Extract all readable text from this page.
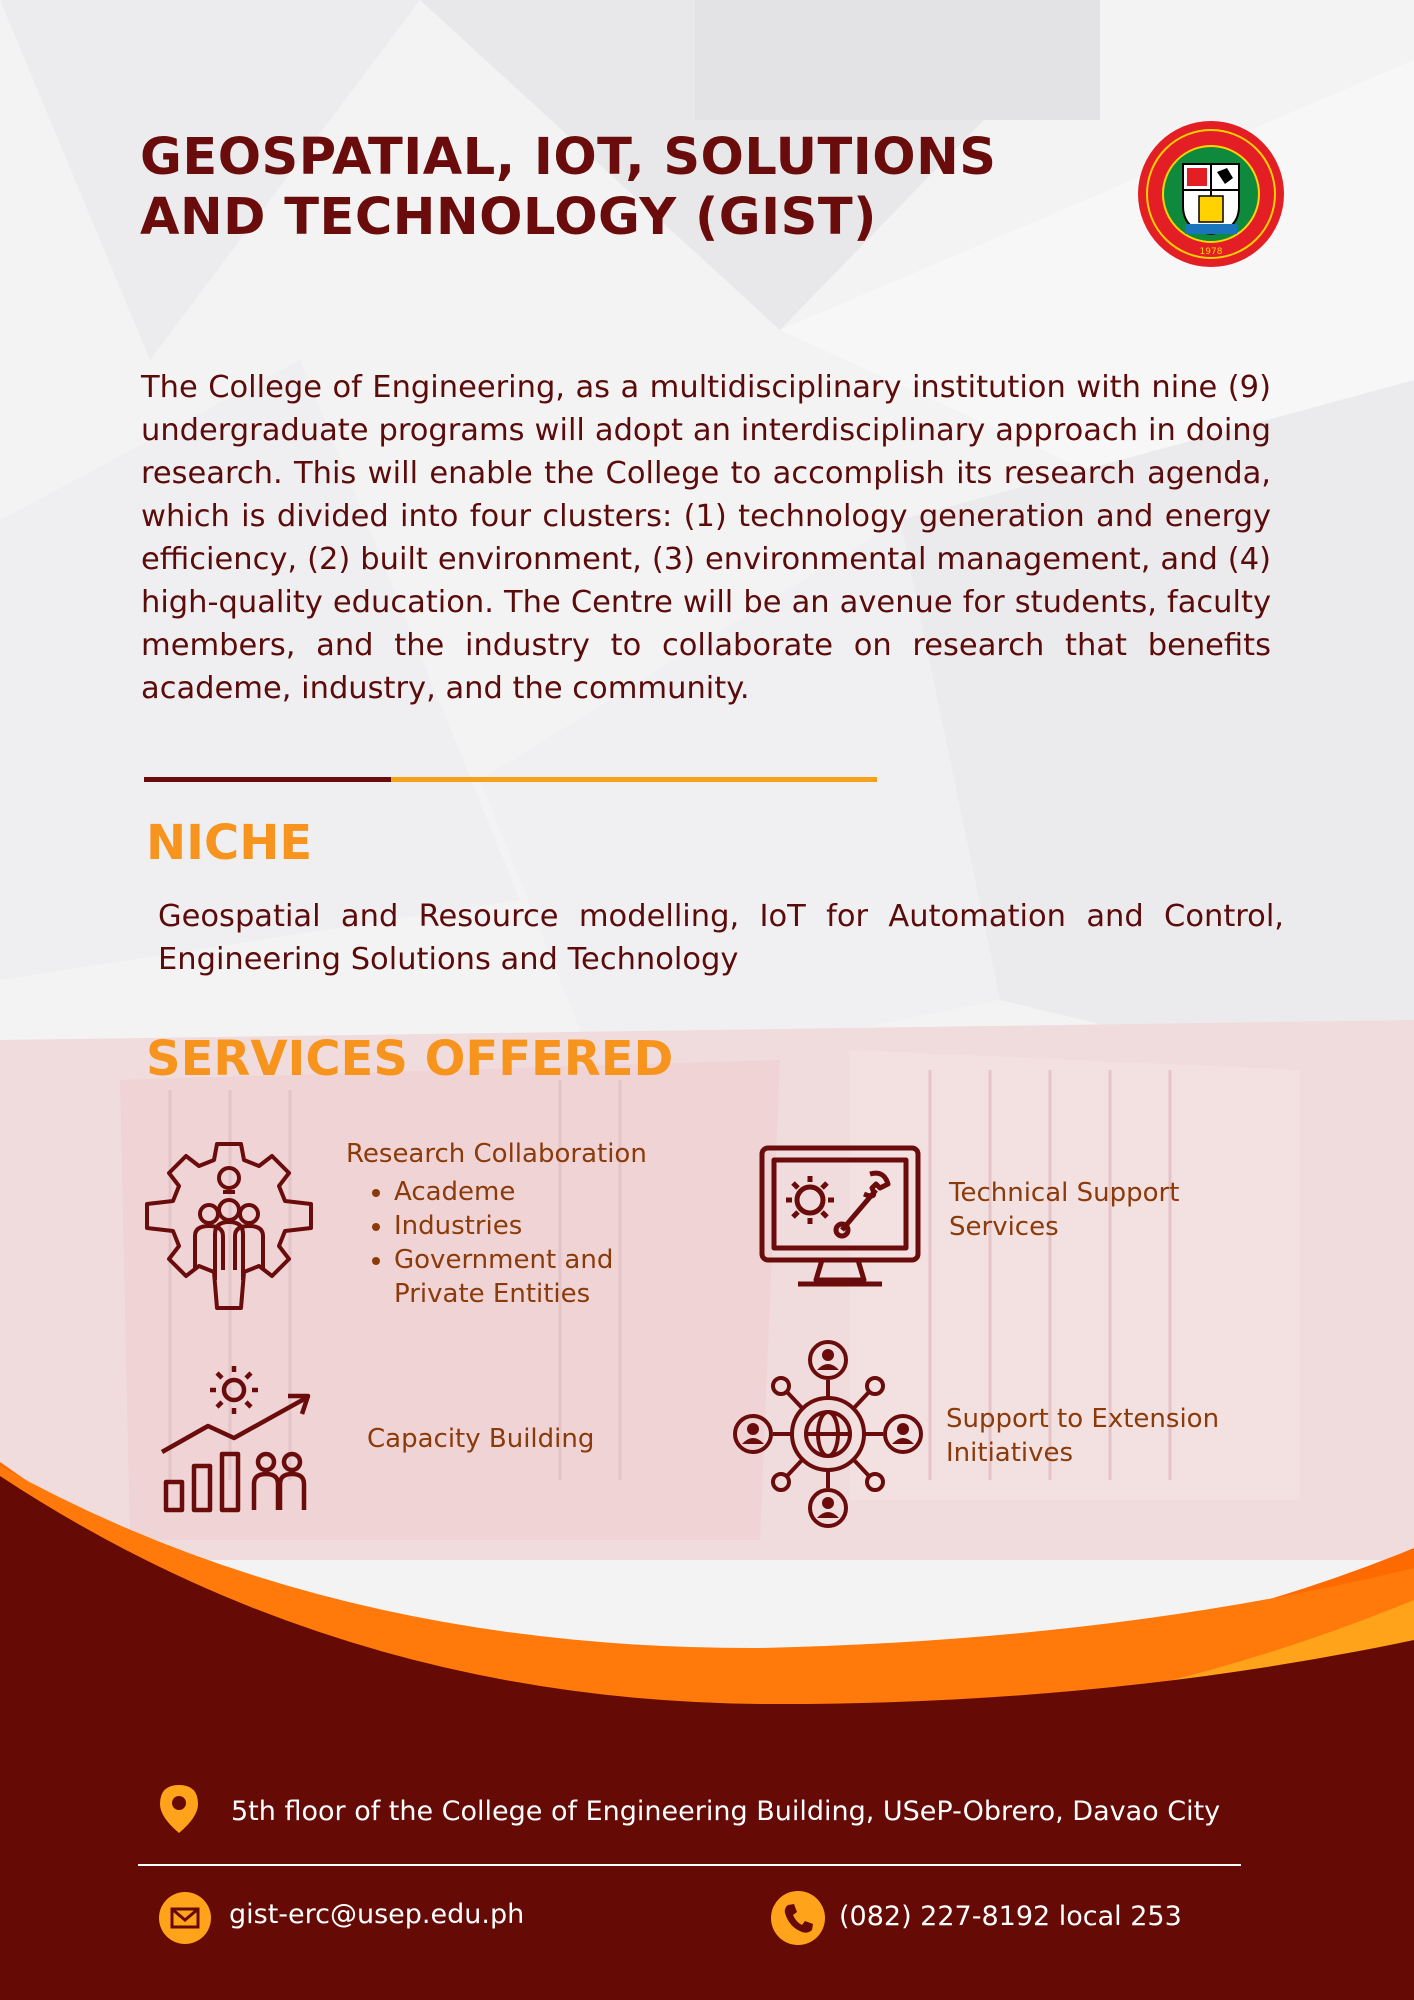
GEOSPATIAL, IOT, SOLUTIONS
AND TECHNOLOGY (GIST)
1978

The College of Engineering, as a multidisciplinary institution with nine (9) undergraduate programs will adopt an interdisciplinary approach in doing research. This will enable the College to accomplish its research agenda, which is divided into four clusters: (1) technology generation and energy efficiency, (2) built environment, (3) environmental management, and (4) high-quality education. The Centre will be an avenue for students, faculty members, and the industry to collaborate on research that benefits academe, industry, and the community.

NICHE

Geospatial and Resource modelling, IoT for Automation and Control, Engineering Solutions and Technology

SERVICES OFFERED

Research Collaboration

• Academe
• Industries
• Government and Private Entities

Technical Support
Services

Capacity Building

Support to Extension
Initiatives

5th floor of the College of Engineering Building, USeP-Obrero, Davao City

gist-erc@usep.edu.ph	(082) 227-8192 local 253
